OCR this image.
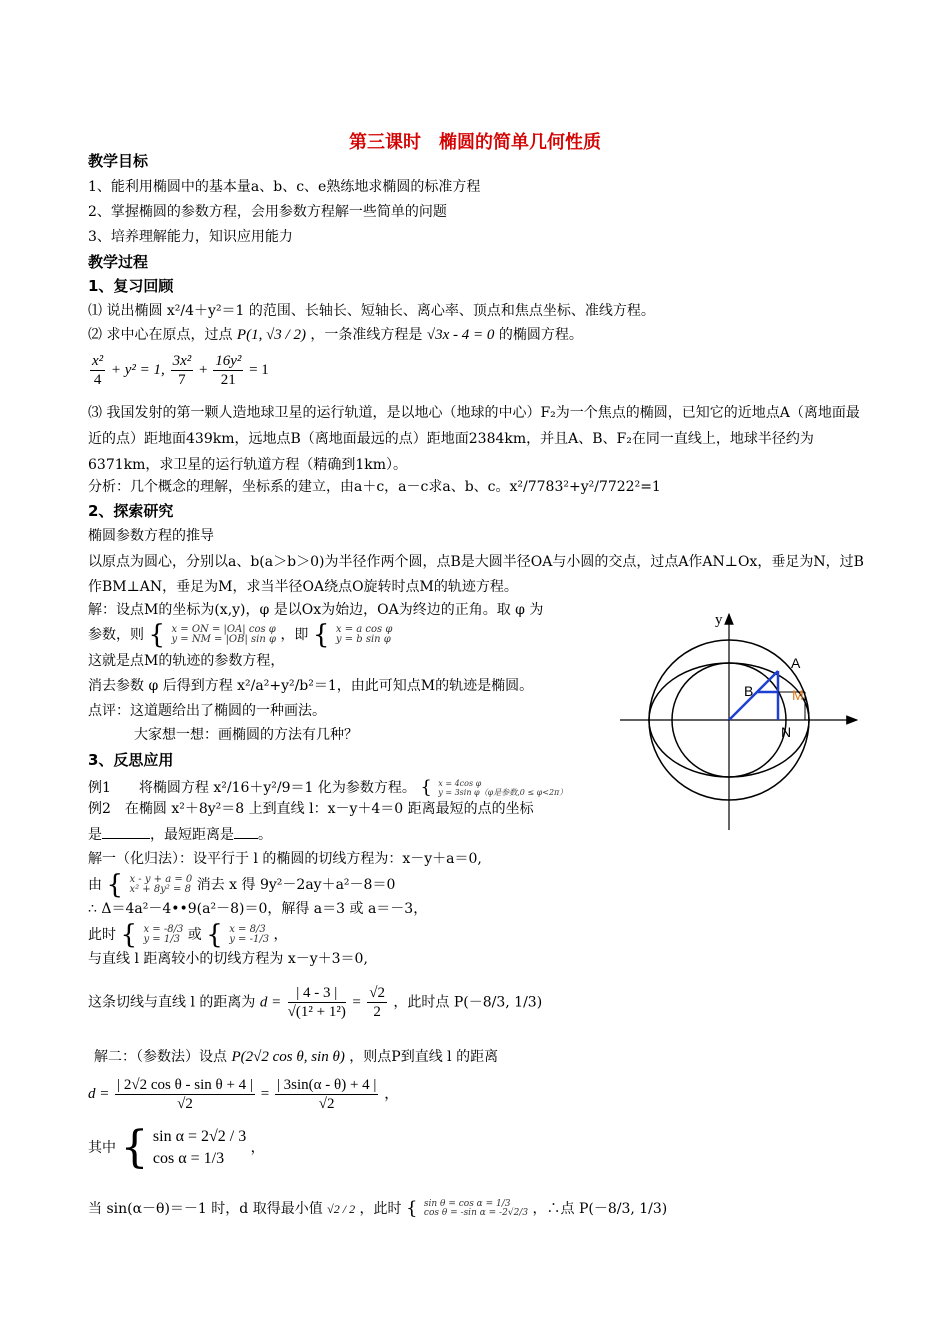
第三课时　椭圆的简单几何性质
教学目标
1、能利用椭圆中的基本量a、b、c、e熟练地求椭圆的标准方程
2、掌握椭圆的参数方程，会用参数方程解一些简单的问题
3、培养理解能力，知识应用能力
教学过程
1、复习回顾
⑴ 说出椭圆 x²/4＋y²＝1 的范围、长轴长、短轴长、离心率、顶点和焦点坐标、准线方程。
⑵ 求中心在原点，过点 P(1, √3 / 2) ，一条准线方程是 √3x - 4 = 0 的椭圆方程。
$\frac{\text{x²}}{4} + y^2 = 1$, $\frac{\text{3x²}}{7} + \frac{\text{16y²}}{21} = 1$
⑶ 我国发射的第一颗人造地球卫星的运行轨道，是以地心（地球的中心）F₂为一个焦点的椭圆，已知它的近地点A（离地面最近的点）距地面439km，远地点B（离地面最远的点）距地面2384km，并且A、B、F₂在同一直线上，地球半径约为6371km，求卫星的运行轨道方程（精确到1km）。
分析：几个概念的理解，坐标系的建立，由a＋c，a－c求a、b、c。x²/7783²+y²/7722²=1
2、探索研究
椭圆参数方程的推导
以原点为圆心，分别以a、b(a＞b＞0)为半径作两个圆，点B是大圆半径OA与小圆的交点，过点A作AN⊥Ox，垂足为N，过B作BM⊥AN，垂足为M，求当半径OA绕点O旋转时点M的轨迹方程。
解：设点M的坐标为(x,y)，φ 是以Ox为始边，OA为终边的正角。取 φ 为
参数，则 { x = ON = |OA| cos φ
y = NM = |OB| sin φ ，即 { x = a cos φ
y = b sin φ
这就是点M的轨迹的参数方程，
消去参数 φ 后得到方程 x²/a²+y²/b²＝1，由此可知点M的轨迹是椭圆。
点评：这道题给出了椭圆的一种画法。
大家想一想：画椭圆的方法有几种？
y
A
B	M
N
3、反思应用
例1　　将椭圆方程 x²/16＋y²/9＝1 化为参数方程。 { x = 4cos φ
y = 3sin φ（φ是参数,0 ≤ φ<2π）
例2　在椭圆 x²＋8y²＝8 上到直线 l：x－y＋4＝0 距离最短的点的坐标
是	，最短距离是 。
解一（化归法）：设平行于 l 的椭圆的切线方程为：x－y＋a＝0,
由 { x - y + a = 0
x² + 8y² = 8 消去 x 得 9y²－2ay＋a²－8＝0
∴ Δ＝4a²－4••9(a²－8)＝0，解得 a＝3 或 a＝－3，
此时 { x = -8/3
y = 1/3 或 { x = 8/3
y = -1/3 ，
与直线 l 距离较小的切线方程为 x－y＋3＝0,
这条切线与直线 l 的距离为 $d = \frac{| 4 - 3 |}{\text{√(1² + 1²)}} = \frac{√2}{2}$ ，此时点 P(－8/3, 1/3)
解二：（参数法）设点 P(2√2 cos θ, sin θ) ，则点P到直线 l 的距离
$d = \frac{\text{| 2√2 cos θ - sin θ + 4 |}}{√2} = \frac{| 3\sin(\alpha - \theta) + 4 |}{√2}$ ，
其中 { sin α = 2√2 / 3
cos α = 1/3
，
当 sin(α－θ)＝－1 时，d 取得最小值 √2 / 2 ，此时 { sin θ = cos α = 1/3
cos θ = -sin α = -2√2/3 ，∴点 P(－8/3, 1/3)
